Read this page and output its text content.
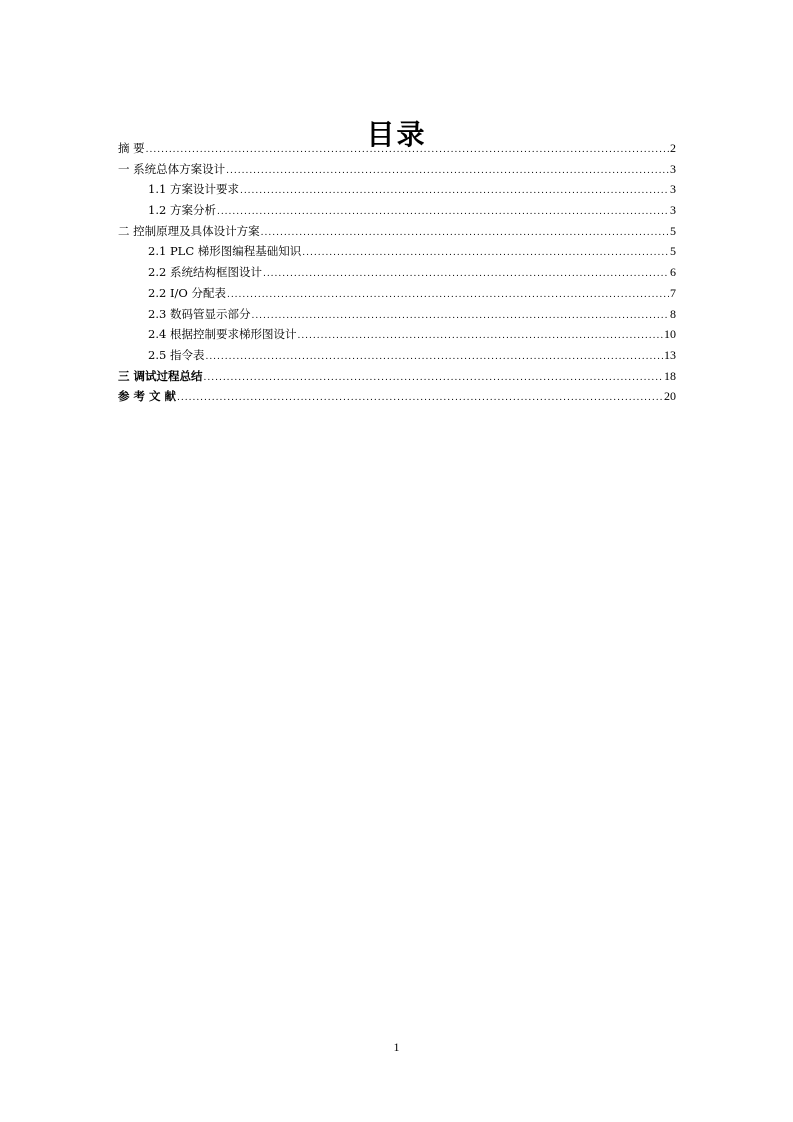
目录
摘 要 .....	2
一 系统总体方案设计 .....	3
1.1 方案设计要求 .....	3
1.2 方案分析 .....	3
二 控制原理及具体设计方案 .....	5
2.1 PLC 梯形图编程基础知识 .....	5
2.2 系统结构框图设计 .....	6
2.2 I/O 分配表 .....	7
2.3 数码管显示部分 .....	8
2.4 根据控制要求梯形图设计 .....	10
2.5 指令表 .....	13
三 调试过程总结 .....	18
参 考 文 献 .....	20
1
